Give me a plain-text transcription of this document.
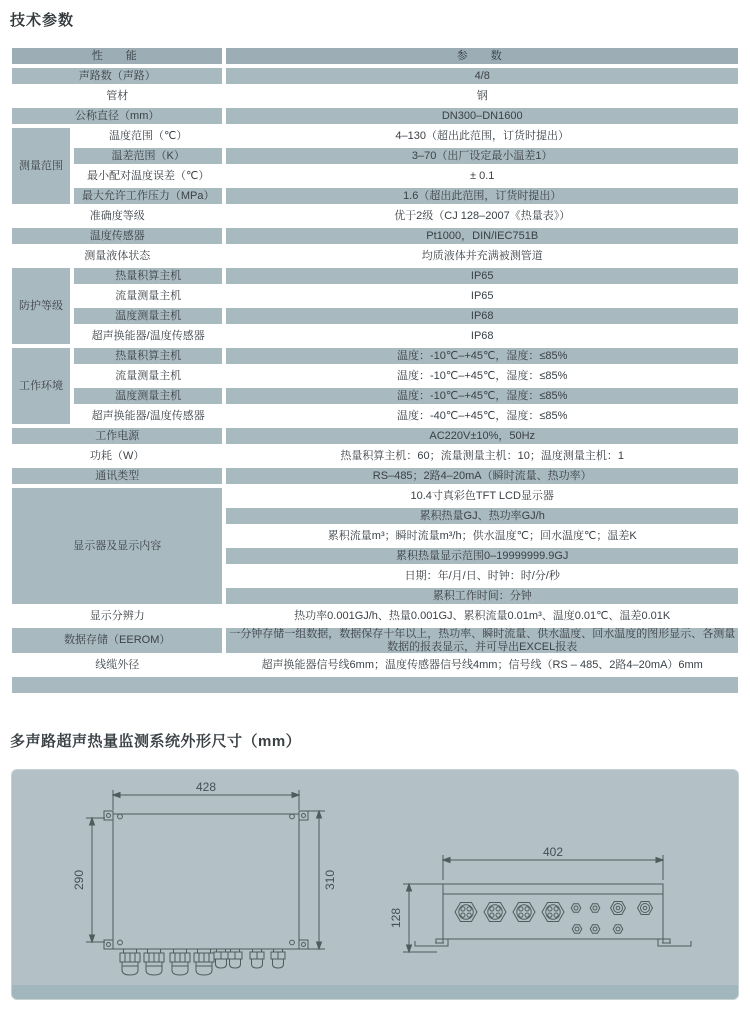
技术参数
性　能		参　数
声路数（声路）		4/8
管材		钢
公称直径（mm）		DN300–DN1600
测量范围	温度范围（℃）	4–130（超出此范围，订货时提出）
	温差范围（K）	3–70（出厂设定最小温差1）
	最小配对温度误差（℃）	± 0.1
	最大允许工作压力（MPa）	1.6（超出此范围，订货时提出）
准确度等级		优于2级（CJ 128–2007《热量表》）
温度传感器		Pt1000，DIN/IEC751B
测量液体状态		均质液体并充满被测管道
防护等级	热量积算主机	IP65
	流量测量主机	IP65
	温度测量主机	IP68
	超声换能器/温度传感器	IP68
工作环境	热量积算主机	温度：-10℃–+45℃，湿度：≤85%
	流量测量主机	温度：-10℃–+45℃，湿度：≤85%
	温度测量主机	温度：-10℃–+45℃，湿度：≤85%
	超声换能器/温度传感器	温度：-40℃–+45℃，湿度：≤85%
工作电源		AC220V±10%，50Hz
功耗（W）		热量积算主机：60；流量测量主机：10；温度测量主机：1
通讯类型		RS–485；2路4–20mA（瞬时流量、热功率）
显示器及显示内容		10.4寸真彩色TFT LCD显示器
		累积热量GJ、热功率GJ/h
		累积流量m³；瞬时流量m³/h；供水温度℃；回水温度℃；温差K
		累积热量显示范围0–19999999.9GJ
		日期：年/月/日、时钟：时/分/秒
		累积工作时间：分钟
显示分辨力		热功率0.001GJ/h、热量0.001GJ、累积流量0.01m³、温度0.01℃、温差0.01K
数据存储（EEROM）		一分钟存储一组数据，数据保存十年以上，热功率、瞬时流量、供水温度、回水温度的图形显示、各测量数据的报表显示，并可导出EXCEL报表
线缆外径		超声换能器信号线6mm；温度传感器信号线4mm；信号线（RS – 485、2路4–20mA）6mm

多声路超声热量监测系统外形尺寸（mm）
428
290	310
402
128
